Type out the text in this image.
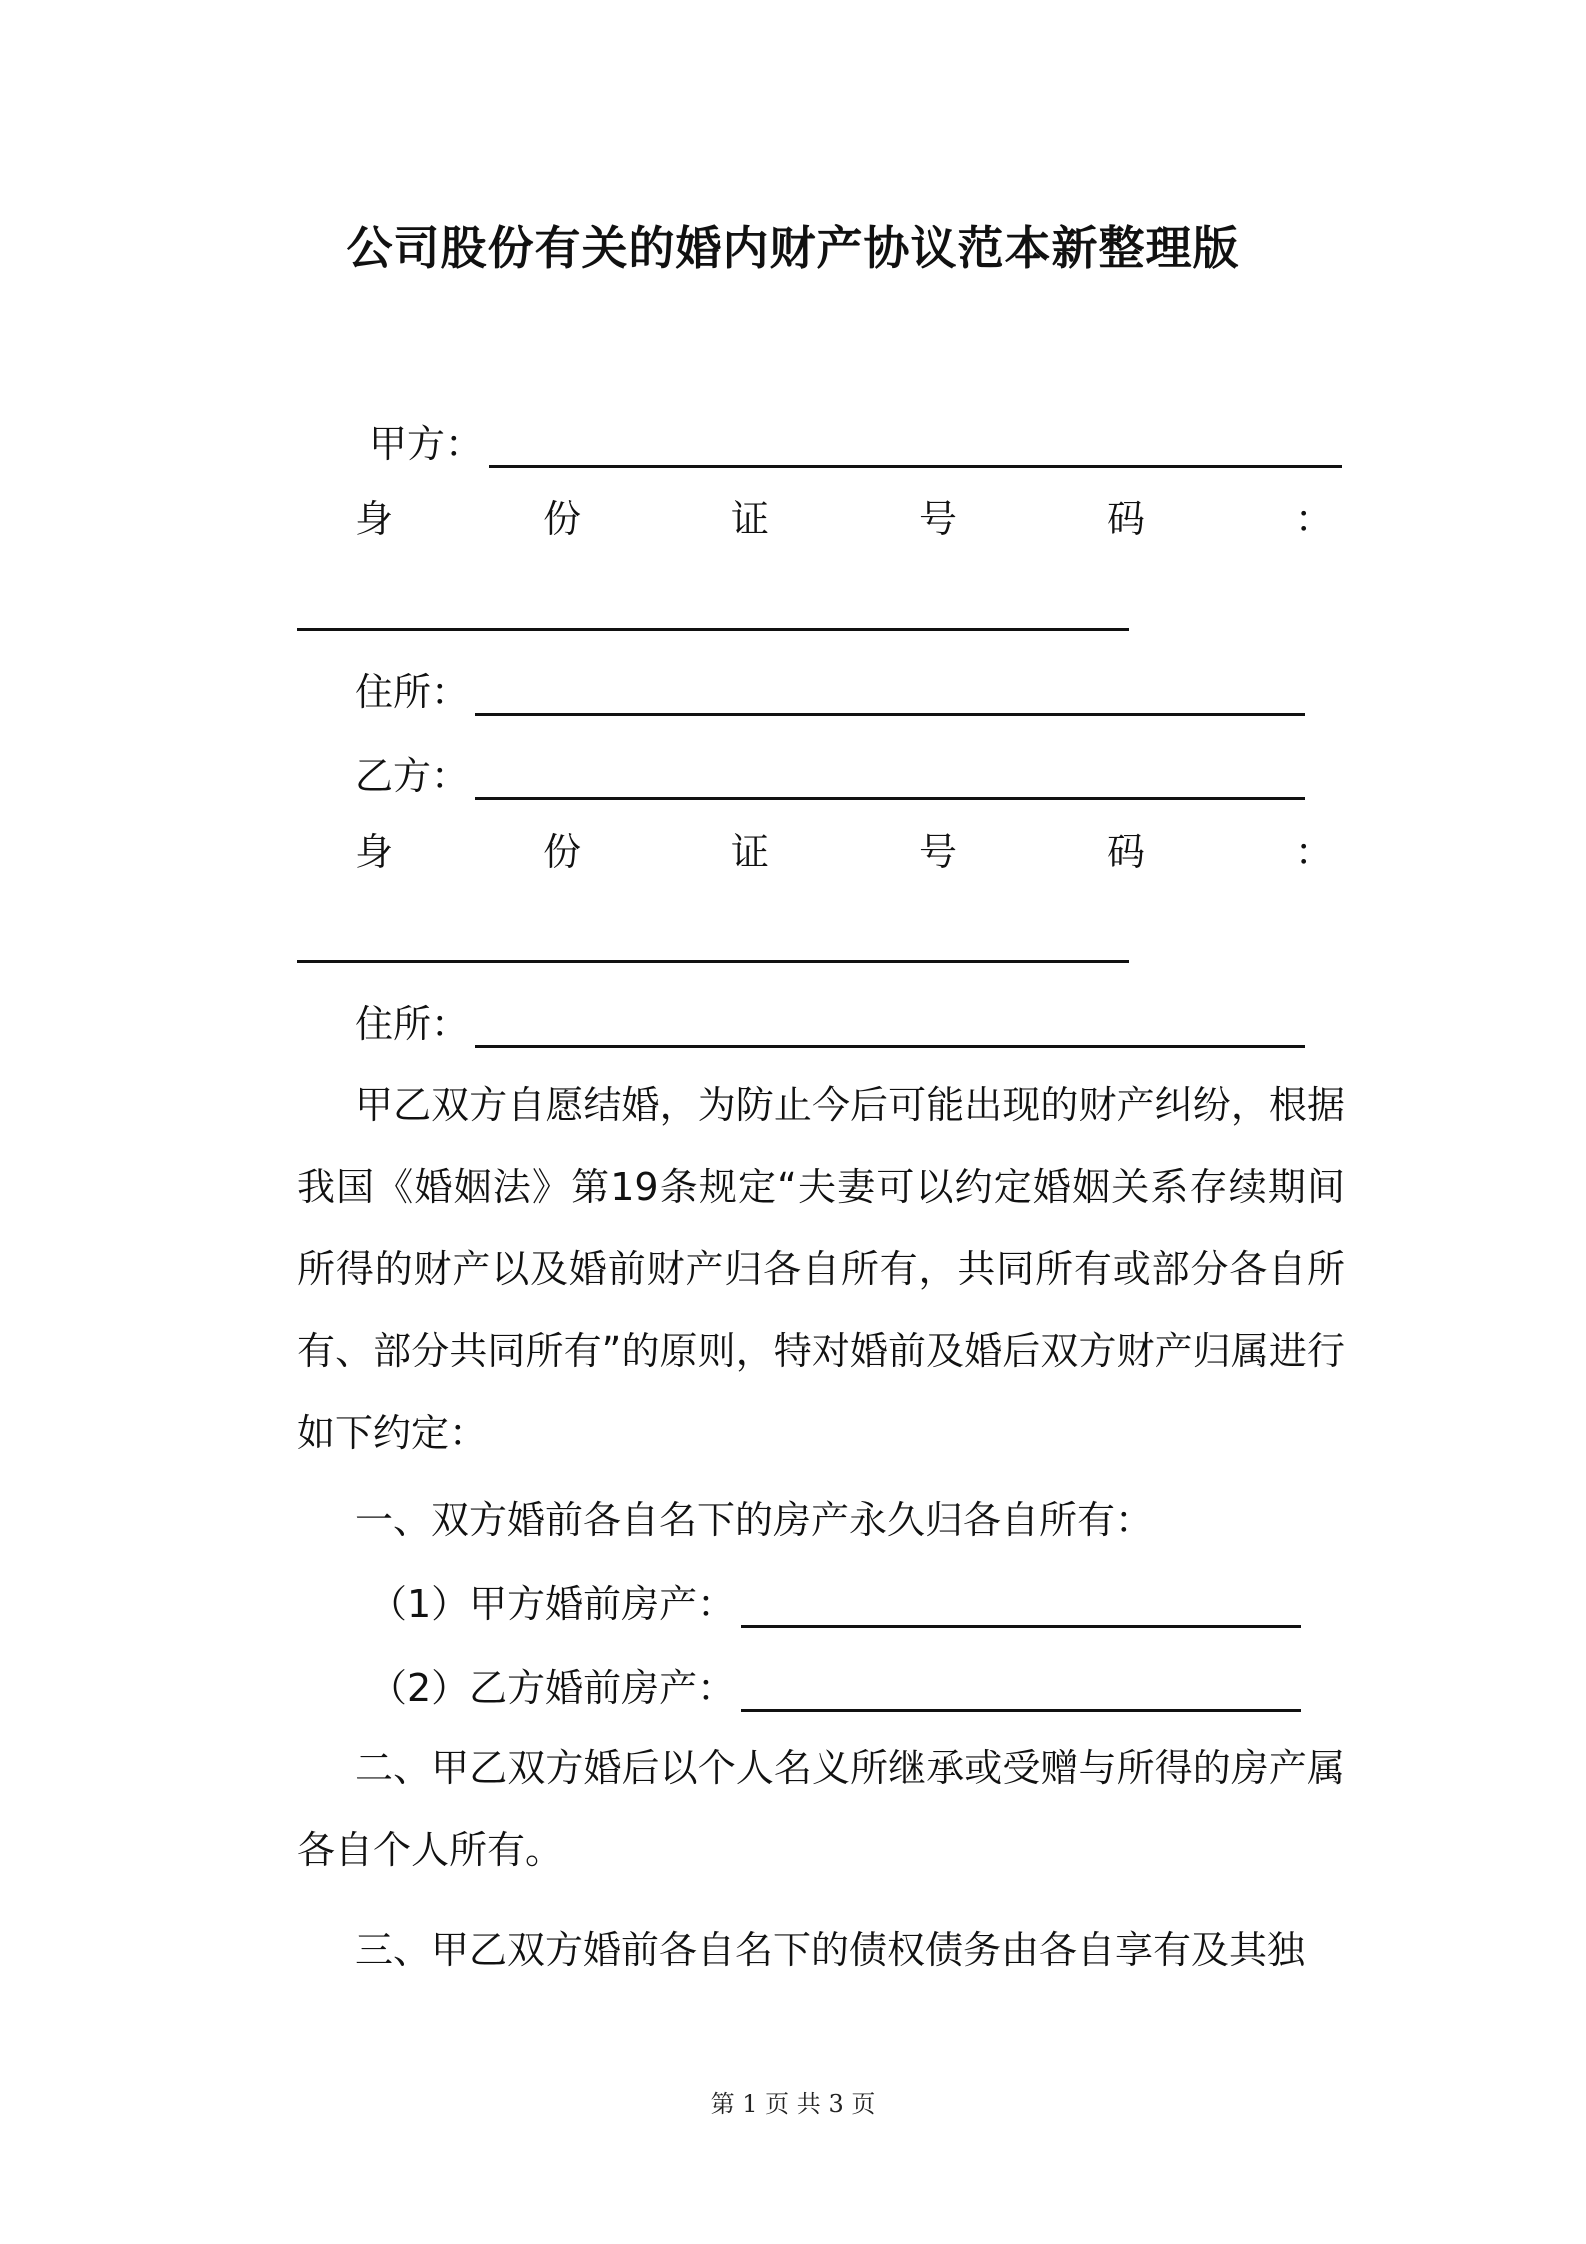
公司股份有关的婚内财产协议范本新整理版
甲方：
身	份	证	号	码	：
住所：
乙方：
身	份	证	号	码	：
住所：

甲乙双方自愿结婚，为防止今后可能出现的财产纠纷，根据我国《婚姻法》第19条规定“夫妻可以约定婚姻关系存续期间所得的财产以及婚前财产归各自所有，共同所有或部分各自所有、部分共同所有”的原则，特对婚前及婚后双方财产归属进行如下约定：

一、双方婚前各自名下的房产永久归各自所有：
（1）甲方婚前房产：
（2）乙方婚前房产：

二、甲乙双方婚后以个人名义所继承或受赠与所得的房产属各自个人所有。

三、甲乙双方婚前各自名下的债权债务由各自享有及其独

第 1 页 共 3 页
